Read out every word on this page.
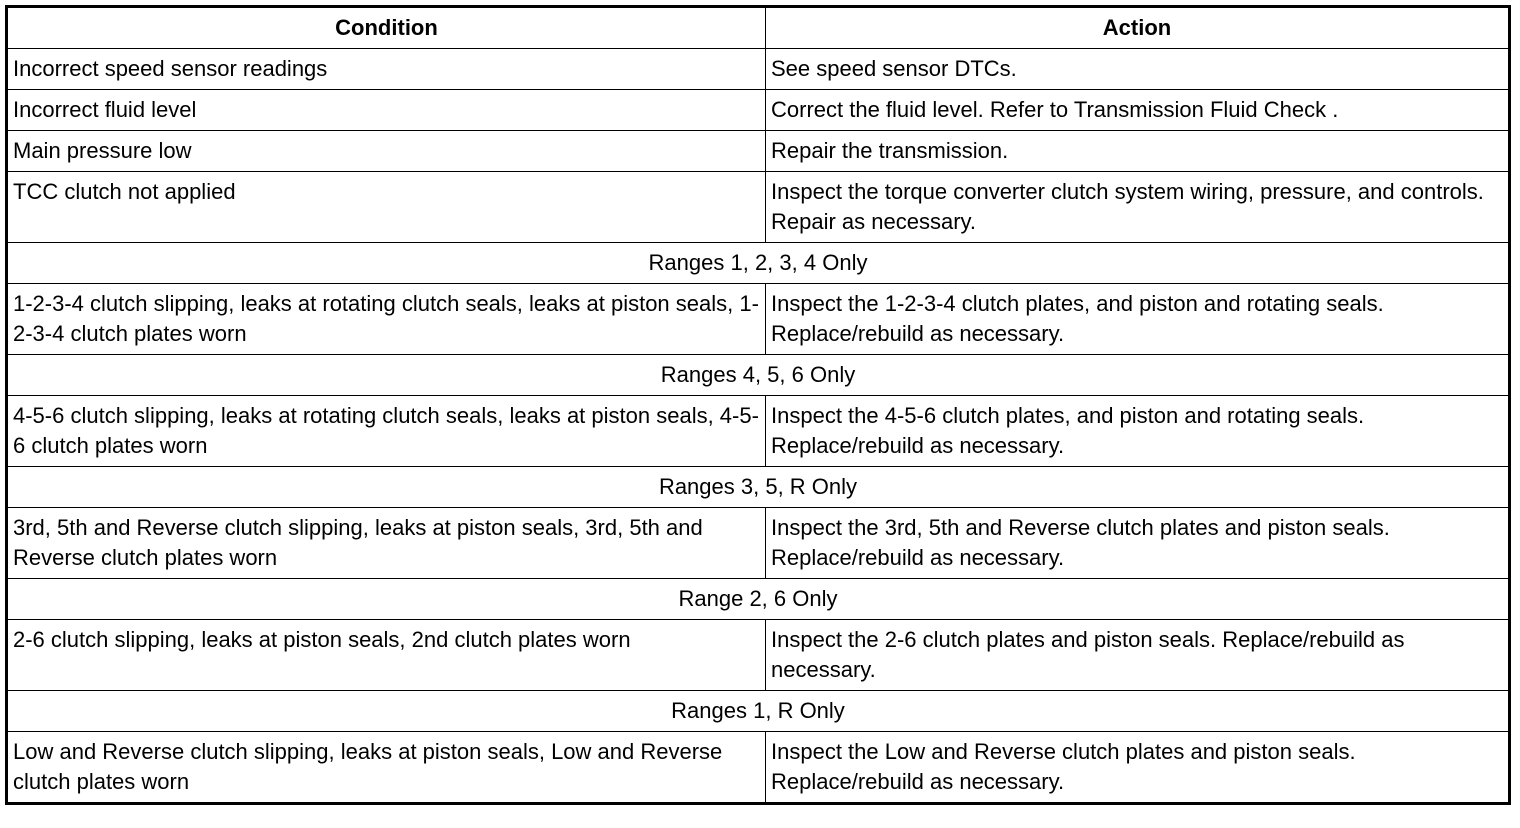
Condition	Action
Incorrect speed sensor readings	See speed sensor DTCs.
Incorrect fluid level	Correct the fluid level. Refer to Transmission Fluid Check .
Main pressure low	Repair the transmission.
TCC clutch not applied	Inspect the torque converter clutch system wiring, pressure, and controls. Repair as necessary.
Ranges 1, 2, 3, 4 Only	
1-2-3-4 clutch slipping, leaks at rotating clutch seals, leaks at piston seals, 1-2-3-4 clutch plates worn	Inspect the 1-2-3-4 clutch plates, and piston and rotating seals. Replace/rebuild as necessary.
Ranges 4, 5, 6 Only	
4-5-6 clutch slipping, leaks at rotating clutch seals, leaks at piston seals, 4-5-6 clutch plates worn	Inspect the 4-5-6 clutch plates, and piston and rotating seals. Replace/rebuild as necessary.
Ranges 3, 5, R Only	
3rd, 5th and Reverse clutch slipping, leaks at piston seals, 3rd, 5th and Reverse clutch plates worn	Inspect the 3rd, 5th and Reverse clutch plates and piston seals. Replace/rebuild as necessary.
Range 2, 6 Only	
2-6 clutch slipping, leaks at piston seals, 2nd clutch plates worn	Inspect the 2-6 clutch plates and piston seals. Replace/rebuild as necessary.
Ranges 1, R Only	
Low and Reverse clutch slipping, leaks at piston seals, Low and Reverse clutch plates worn	Inspect the Low and Reverse clutch plates and piston seals. Replace/rebuild as necessary.
